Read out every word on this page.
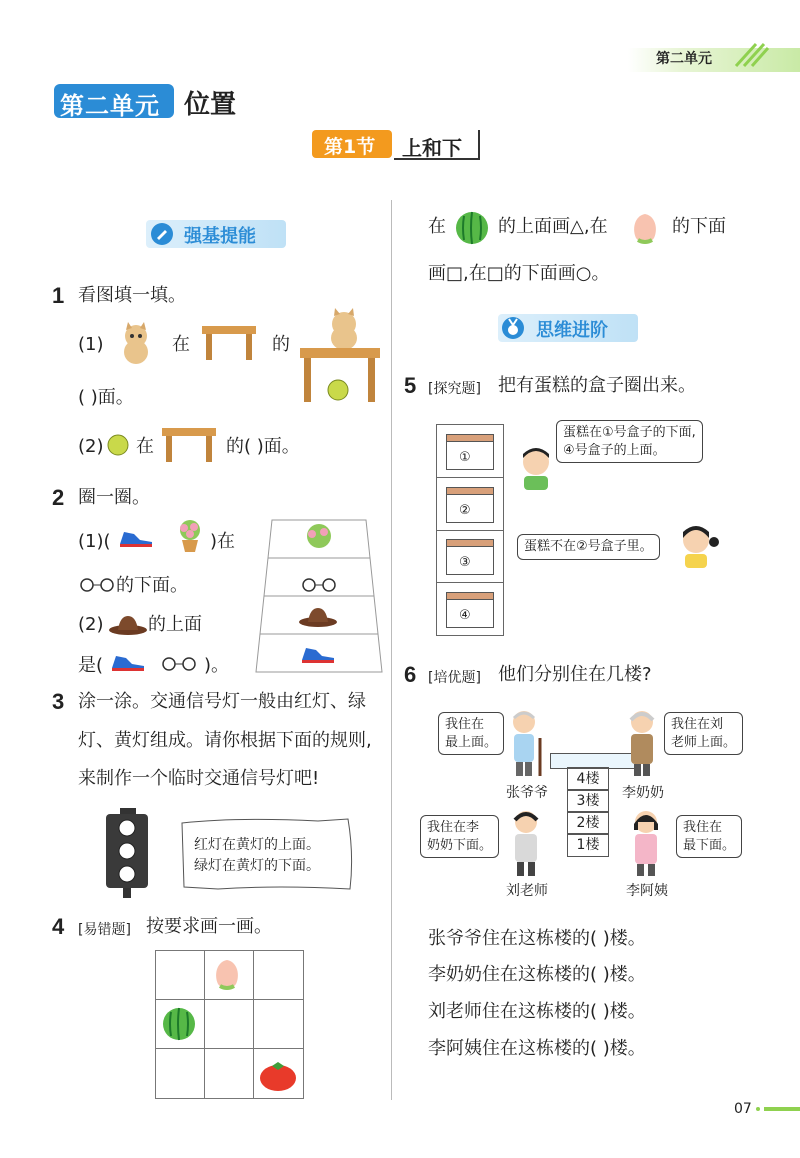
第二单元
第二单元 位置
第1节 上和下
强基提能
1 看图填一填。
(1)	在	的
( )面。
(2) 在	的( )面。
2 圈一圈。
(1)(	)在
的下面。
(2) 的上面
是(	)。
3 涂一涂。交通信号灯一般由红灯、绿
灯、黄灯组成。请你根据下面的规则,
来制作一个临时交通信号灯吧!
红灯在黄灯的上面。
绿灯在黄灯的下面。
4 [易错题] 按要求画一画。
在	的上面画△,在	的下面
画□,在□的下面画○。
思维进阶
5 [探究题] 把有蛋糕的盒子圈出来。
①
②
③
④
蛋糕在①号盒子的下面,
④号盒子的上面。
蛋糕不在②号盒子里。
6 [培优题] 他们分别住在几楼?
4楼
3楼
2楼
1楼
我住在
最上面。
张爷爷
我住在刘
老师上面。
李奶奶
我住在李
奶奶下面。
刘老师
我住在
最下面。
李阿姨
张爷爷住在这栋楼的( )楼。
李奶奶住在这栋楼的( )楼。
刘老师住在这栋楼的( )楼。
李阿姨住在这栋楼的( )楼。
07
